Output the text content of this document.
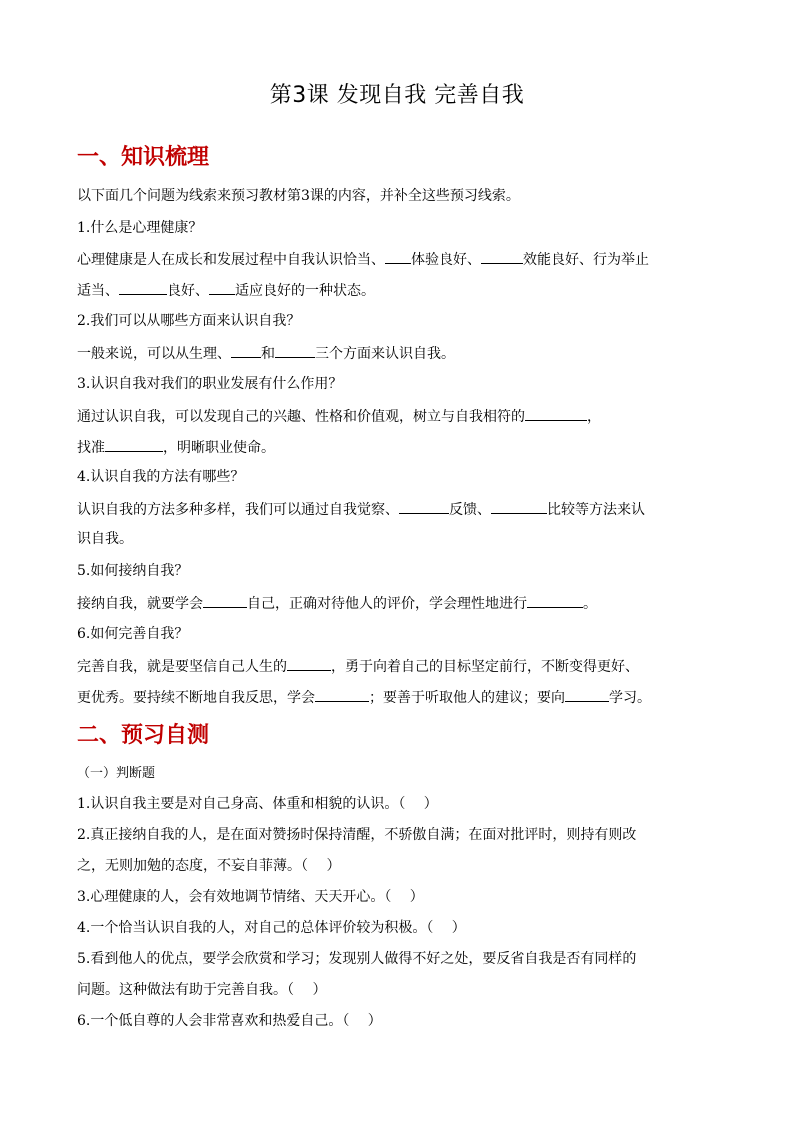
第3课 发现自我 完善自我
一、知识梳理
以下面几个问题为线索来预习教材第3课的内容，并补全这些预习线索。
1.什么是心理健康？
心理健康是人在成长和发展过程中自我认识恰当、 体验良好、	效能良好、行为举止
适当、	良好、 适应良好的一种状态。
2.我们可以从哪些方面来认识自我？
一般来说，可以从生理、 和	三个方面来认识自我。
3.认识自我对我们的职业发展有什么作用？
通过认识自我，可以发现自己的兴趣、性格和价值观，树立与自我相符的	，
找准	，明晰职业使命。
4.认识自我的方法有哪些？
认识自我的方法多种多样，我们可以通过自我觉察、	反馈、	比较等方法来认
识自我。
5.如何接纳自我？
接纳自我，就要学会	自己，正确对待他人的评价，学会理性地进行	。
6.如何完善自我？
完善自我，就是要坚信自己人生的	，勇于向着自己的目标坚定前行，不断变得更好、
更优秀。要持续不断地自我反思，学会	；要善于听取他人的建议；要向	学习。
二、预习自测
（一）判断题
1.认识自我主要是对自己身高、体重和相貌的认识。（　 ）
2.真正接纳自我的人，是在面对赞扬时保持清醒，不骄傲自满；在面对批评时，则持有则改
之，无则加勉的态度，不妄自菲薄。（　 ）
3.心理健康的人，会有效地调节情绪、天天开心。（　 ）
4.一个恰当认识自我的人，对自己的总体评价较为积极。（　 ）
5.看到他人的优点，要学会欣赏和学习；发现别人做得不好之处，要反省自我是否有同样的
问题。这种做法有助于完善自我。（　 ）
6.一个低自尊的人会非常喜欢和热爱自己。（　 ）
